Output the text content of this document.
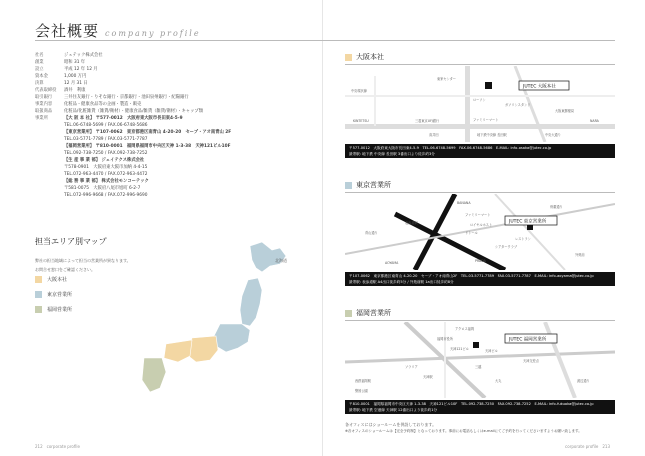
会社概要 company profile
社名	ジェテック株式会社
創業	昭和 31 年
設立	平成 12 年 12 月
資本金	1,000 万円
決算	12 月 31 日
代表取締役	酒井　利康
取引銀行	三井住友銀行・りそな銀行・京都銀行・池田泉州銀行・紀陽銀行
事業内容	化粧品・健康食品等の企画・製造・販売
取扱商品	化粧品/化粧雑貨（雑貨/衛材）・健康食品/雑貨（雑貨/衛材）・キャップ類
事業所	【大 阪 本 社】 〒577-0012　大阪府東大阪市長田東4-5-9
TEL.06-6748-5699 / FAX.06-6748-5686
【東京営業所】 〒107-0062　東京都港区南青山 4-20-20　セーブ・アオ南青山 2F
TEL.03-5771-7789 / FAX.03-5771-7787
【福岡営業所】 〒810-0001　福岡県福岡市中央区天神 1-3-38　天神121ビル10F
TEL.092-738-7250 / FAX.092-738-7252
【生 産 事 業 部】 ジェイテクス株式会社
〒578-0901　大阪府東大阪市加納 4-4-15
TEL.072-963-4470 / FAX.072-963-4472
【総 務 事 業 部】 株式会社モンコーテック
〒581-0075　大阪府八尾市旭町 6-2-7
TEL.072-996-9668 / FAX.072-996-9690
担当エリア別マップ
弊社の担当地域によって担当の営業所が異なります。
お問合せ窓口をご確認ください。
大阪本社
東京営業所
福岡営業所
北海道
212　corporate profile	corporate profile　213
大阪本社
JUTEC 大阪本社
東家センター
ローソン
ガソリンスタンド
大阪東郵便局
三菱東京UFJ銀行	ファミリーマート
地下鉄中央線 長田駅
高井田
KINTETSU	NARA
中央環状線
中央大通り
〒577-0012　大阪府東大阪市長田東4-5-9　TEL.06-6748-5699　FAX.06-6748-5686　E-MAIL: info-osaka@jutec.co.jp
最寄駅: 地下鉄 中央線 長田駅 3番出口より徒歩約3分
東京営業所
JUTEC 東京営業所
BANANA
ファミリーマート
ロイヤルホスト
青山通り
表参道駅
ドトール
レストラン
シアタークラブ
AOYAMA	PRADA
外苑前
骨董通り
〒107-0062　東京都港区南青山 4-20-20　セーブ・アオ南青山2F　TEL.03-5771-7789　FAX.03-5771-7787　E-MAIL: info-aoyama@jutec.co.jp
最寄駅: 表参道駅 A4出口徒歩約5分 / 外苑前駅 1a出口徒歩約8分
福岡営業所
JUTEC 福岡営業所
アクロス福岡
福岡市役所
天神ビル
天神121ビル
ソラリア
天神駅
三越
大丸
西鉄福岡駅
警固公園
天神交差点
渡辺通り
〒810-0001　福岡県福岡市中央区天神 1-3-38　天神121ビル10F　TEL.092-738-7250　FAX.092-738-7252　E-MAIL: info-fukuoka@jutec.co.jp
最寄駅: 地下鉄 空港線 天神駅 12番出口より徒歩約1分
各オフィスにはショールームを併設しております。
※各オフィスのショールームは【完全予約制】となっております。事前にお電話もしくはe-mailにてご予約を行ってくださいますようお願い致します。
